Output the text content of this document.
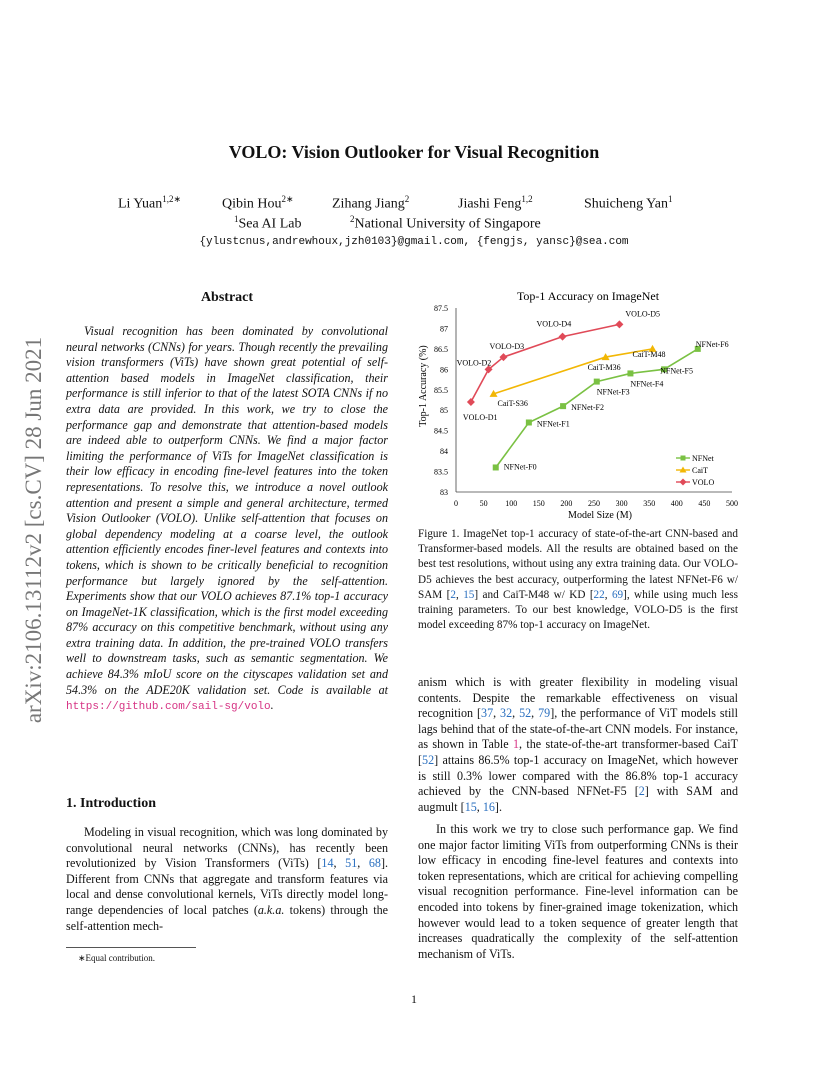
arXiv:2106.13112v2 [cs.CV] 28 Jun 2021
VOLO: Vision Outlooker for Visual Recognition
Li Yuan$^{1,2∗}$	Qibin Hou$^{2∗}$	Zihang Jiang$^2$	Jiashi Feng$^{1,2}$	Shuicheng Yan$^1$
$^1$Sea AI Lab	$^2$National University of Singapore
{ylustcnus,andrewhoux,jzh0103}@gmail.com, {fengjs, yansc}@sea.com
Abstract
Visual recognition has been dominated by convolutional neural networks (CNNs) for years. Though recently the prevailing vision transformers (ViTs) have shown great potential of self-attention based models in ImageNet classification, their performance is still inferior to that of the latest SOTA CNNs if no extra data are provided. In this work, we try to close the performance gap and demonstrate that attention-based models are indeed able to outperform CNNs. We find a major factor limiting the performance of ViTs for ImageNet classification is their low efficacy in encoding fine-level features into the token representations. To resolve this, we introduce a novel outlook attention and present a simple and general architecture, termed Vision Outlooker (VOLO). Unlike self-attention that focuses on global dependency modeling at a coarse level, the outlook attention efficiently encodes finer-level features and contexts into tokens, which is shown to be critically beneficial to recognition performance but largely ignored by the self-attention. Experiments show that our VOLO achieves 87.1% top-1 accuracy on ImageNet-1K classification, which is the first model exceeding 87% accuracy on this competitive benchmark, without using any extra training data. In addition, the pre-trained VOLO transfers well to downstream tasks, such as semantic segmentation. We achieve 84.3% mIoU score on the cityscapes validation set and 54.3% on the ADE20K validation set. Code is available at https://github.com/sail-sg/volo.
1. Introduction
Modeling in visual recognition, which was long dominated by convolutional neural networks (CNNs), has recently been revolutionized by Vision Transformers (ViTs) [14, 51, 68]. Different from CNNs that aggregate and transform features via local and dense convolutional kernels, ViTs directly model long-range dependencies of local patches (a.k.a. tokens) through the self-attention mech-
∗Equal contribution.
Top-1 Accuracy on ImageNet
Top-1 Accuracy (%)
Model Size (M)
83
83.5
84
84.5
85
85.5
86
86.5
87
87.5
0	50 100 150 200 250 300 350 400 450 500
NFNet-F0
NFNet-F1
NFNet-F2
NFNet-F3
NFNet-F4
NFNet-F5
NFNet-F6
CaiT-S36
CaiT-M36
CaiT-M48
VOLO-D1
VOLO-D2
VOLO-D3
VOLO-D4
VOLO-D5
NFNet
CaiT
VOLO
Figure 1. ImageNet top-1 accuracy of state-of-the-art CNN-based and Transformer-based models. All the results are obtained based on the best test resolutions, without using any extra training data. Our VOLO-D5 achieves the best accuracy, outperforming the latest NFNet-F6 w/ SAM [2, 15] and CaiT-M48 w/ KD [22, 69], while using much less training parameters. To our best knowledge, VOLO-D5 is the first model exceeding 87% top-1 accuracy on ImageNet.
anism which is with greater flexibility in modeling visual contents. Despite the remarkable effectiveness on visual recognition [37, 32, 52, 79], the performance of ViT models still lags behind that of the state-of-the-art CNN models. For instance, as shown in Table 1, the state-of-the-art transformer-based CaiT [52] attains 86.5% top-1 accuracy on ImageNet, which however is still 0.3% lower compared with the 86.8% top-1 accuracy achieved by the CNN-based NFNet-F5 [2] with SAM and augmult [15, 16].
In this work we try to close such performance gap. We find one major factor limiting ViTs from outperforming CNNs is their low efficacy in encoding fine-level features and contexts into token representations, which are critical for achieving compelling visual recognition performance. Fine-level information can be encoded into tokens by finer-grained image tokenization, which however would lead to a token sequence of greater length that increases quadratically the complexity of the self-attention mechanism of ViTs.
1
